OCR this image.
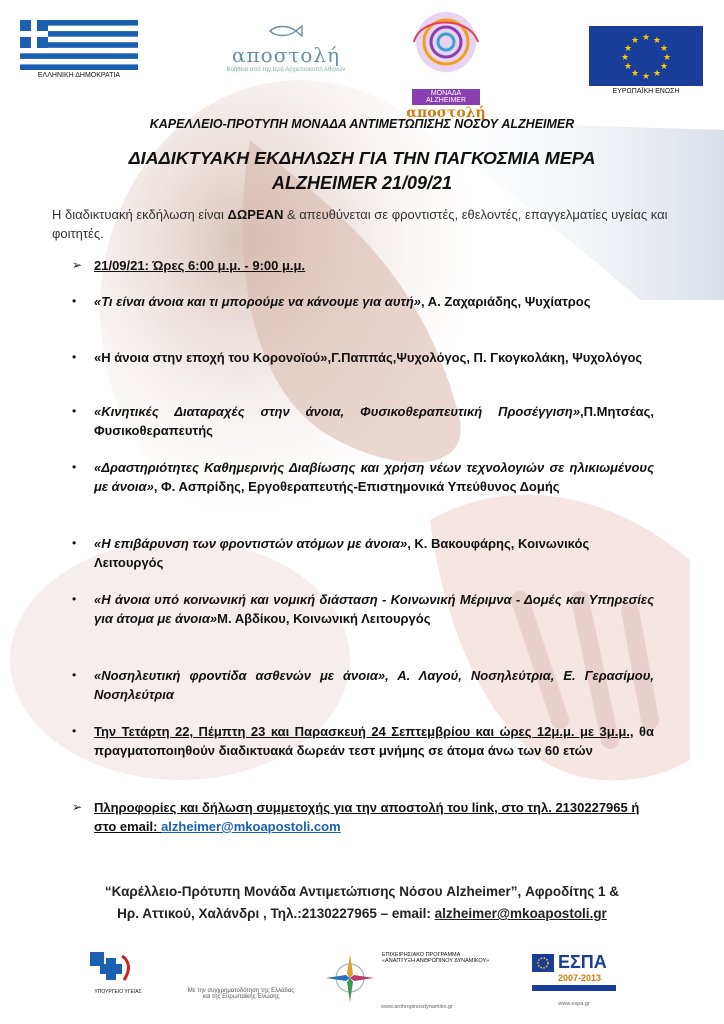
ΕΛΛΗΝΙΚΗ ΔΗΜΟΚΡΑΤΙΑ
αποστολή
Βοήθεια από την Ιερά Αρχιεπισκοπή Αθηνών
ΜΟΝΑΔΑ ALZHEIMER
αποστολή
★ ★
★
★
★
★
★
★
★
★
★
★
ΕΥΡΩΠΑΪΚΗ ΕΝΩΣΗ
ΚΑΡΕΛΛΕΙΟ-ΠΡΟΤΥΠΗ ΜΟΝΑΔΑ ΑΝΤΙΜΕΤΩΠΙΣΗΣ ΝΟΣΟΥ ALZHEIMER
ΔΙΑΔΙΚΤΥΑΚΗ ΕΚΔΗΛΩΣΗ ΓΙΑ ΤΗΝ ΠΑΓΚΟΣΜΙΑ ΜΕΡΑ
ALZHEIMER 21/09/21
Η διαδικτυακή εκδήλωση είναι ΔΩΡΕΑΝ & απευθύνεται σε φροντιστές, εθελοντές, επαγγελματίες υγείας και φοιτητές.
➢ 21/09/21: Ώρες 6:00 μ.μ. - 9:00 μ.μ.
•	«Τι είναι άνοια και τι μπορούμε να κάνουμε για αυτή», Α. Ζαχαριάδης, Ψυχίατρος
•	«Η άνοια στην εποχή του Κορονοϊού»,Γ.Παππάς,Ψυχολόγος, Π. Γκογκολάκη, Ψυχολόγος
•	«Κινητικές Διαταραχές στην άνοια, Φυσικοθεραπευτική Προσέγγιση»,Π.Μητσέας, Φυσικοθεραπευτής
•	«Δραστηριότητες Καθημερινής Διαβίωσης και χρήση νέων τεχνολογιών σε ηλικιωμένους με άνοια», Φ. Ασπρίδης, Εργοθεραπευτής-Επιστημονικά Υπεύθυνος Δομής
•	«Η επιβάρυνση των φροντιστών ατόμων με άνοια», Κ. Βακουφάρης, Κοινωνικός Λειτουργός
•	«Η άνοια υπό κοινωνική και νομική διάσταση - Κοινωνική Μέριμνα - Δομές και Υπηρεσίες για άτομα με άνοια»Μ. Αβδίκου, Κοινωνική Λειτουργός
•	«Νοσηλευτική φροντίδα ασθενών με άνοια», Α. Λαγού, Νοσηλεύτρια, Ε. Γερασίμου, Νοσηλεύτρια
•	Την Τετάρτη 22, Πέμπτη 23 και Παρασκευή 24 Σεπτεμβρίου και ώρες 12μ.μ. με 3μ.μ., θα πραγματοποιηθούν διαδικτυακά δωρεάν τεστ μνήμης σε άτομα άνω των 60 ετών
➢ Πληροφορίες και δήλωση συμμετοχής για την αποστολή του link, στο τηλ. 2130227965 ή στο email: alzheimer@mkoapostoli.com
“Καρέλλειο-Πρότυπη Μονάδα Αντιμετώπισης Νόσου Alzheimer”, Αφροδίτης 1 &
Ηρ. Αττικού, Χαλάνδρι , Τηλ.:2130227965 – email: alzheimer@mkoapostoli.gr
ΥΠΟΥΡΓΕΙΟ ΥΓΕΙΑΣ	Με την συγχρηματοδότηση της Ελλάδας και της Ευρωπαϊκής Ένωσης
ΕΠΙΧΕΙΡΗΣΙΑΚΟ ΠΡΟΓΡΑΜΜΑ «ΑΝΑΠΤΥΞΗ ΑΝΘΡΩΠΙΝΟΥ ΔΥΝΑΜΙΚΟΥ»
www.anthropinosdynamiko.gr
ΕΣΠΑ
2007-2013
www.espa.gr
